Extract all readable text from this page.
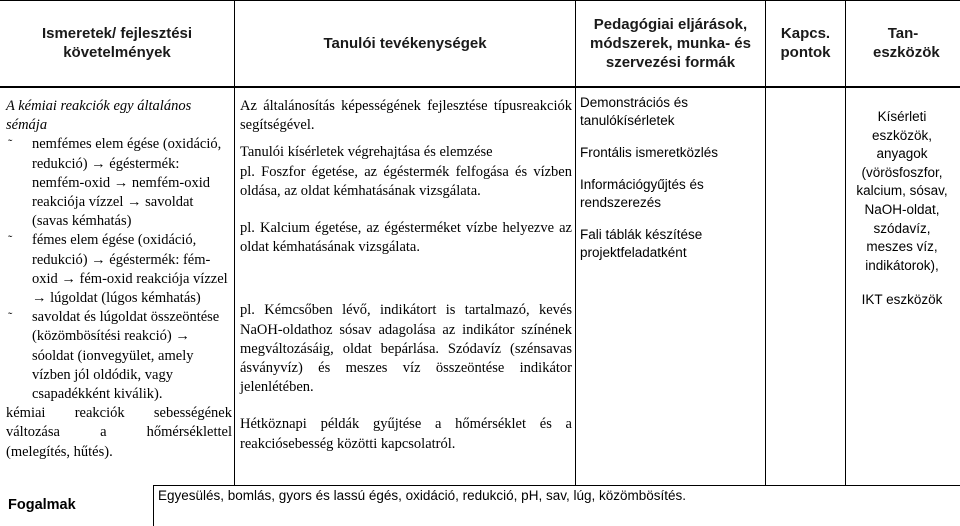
Ismeretek/ fejlesztési követelmények
Tanulói tevékenységek
Pedagógiai eljárások, módszerek, munka- és szervezési formák
Kapcs. pontok
Tan-eszközök

A kémiai reakciók egy általános sémája

˜ nemfémes elem égése (oxidáció, redukció) → égéstermék: nemfém-oxid → nemfém-oxid reakciója vízzel → savoldat (savas kémhatás)

˜ fémes elem égése (oxidáció, redukció) → égéstermék: fém-oxid → fém-oxid reakciója vízzel → lúgoldat (lúgos kémhatás)

˜ savoldat és lúgoldat összeöntése (közömbösítési reakció) → sóoldat (ionvegyület, amely vízben jól oldódik, vagy csapadékként kiválik).

kémiai reakciók sebességének

változása a hőmérséklettel

(melegítés, hűtés).

Az általánosítás képességének fejlesztése típusreakciók segítségével.

Tanulói kísérletek végrehajtása és elemzése

pl. Foszfor égetése, az égéstermék felfogása és vízben oldása, az oldat kémhatásának vizsgálata.

pl. Kalcium égetése, az égésterméket vízbe helyezve az oldat kémhatásának vizsgálata.

pl. Kémcsőben lévő, indikátort is tartalmazó, kevés NaOH-oldathoz sósav adagolása az indikátor színének megváltozásáig, oldat bepárlása. Szódavíz (szénsavas ásványvíz) és meszes víz összeöntése indikátor jelenlétében.

Hétköznapi példák gyűjtése a hőmérséklet és a reakciósebesség közötti kapcsolatról.

Demonstrációs és tanulókísérletek

Frontális ismeretközlés

Információgyűjtés és rendszerezés

Fali táblák készítése projektfeladatként

Kísérleti eszközök, anyagok (vörösfoszfor, kalcium, sósav, NaOH-oldat, szódavíz, meszes víz, indikátorok),

IKT eszközök

Fogalmak
Egyesülés, bomlás, gyors és lassú égés, oxidáció, redukció, pH, sav, lúg, közömbösítés.
